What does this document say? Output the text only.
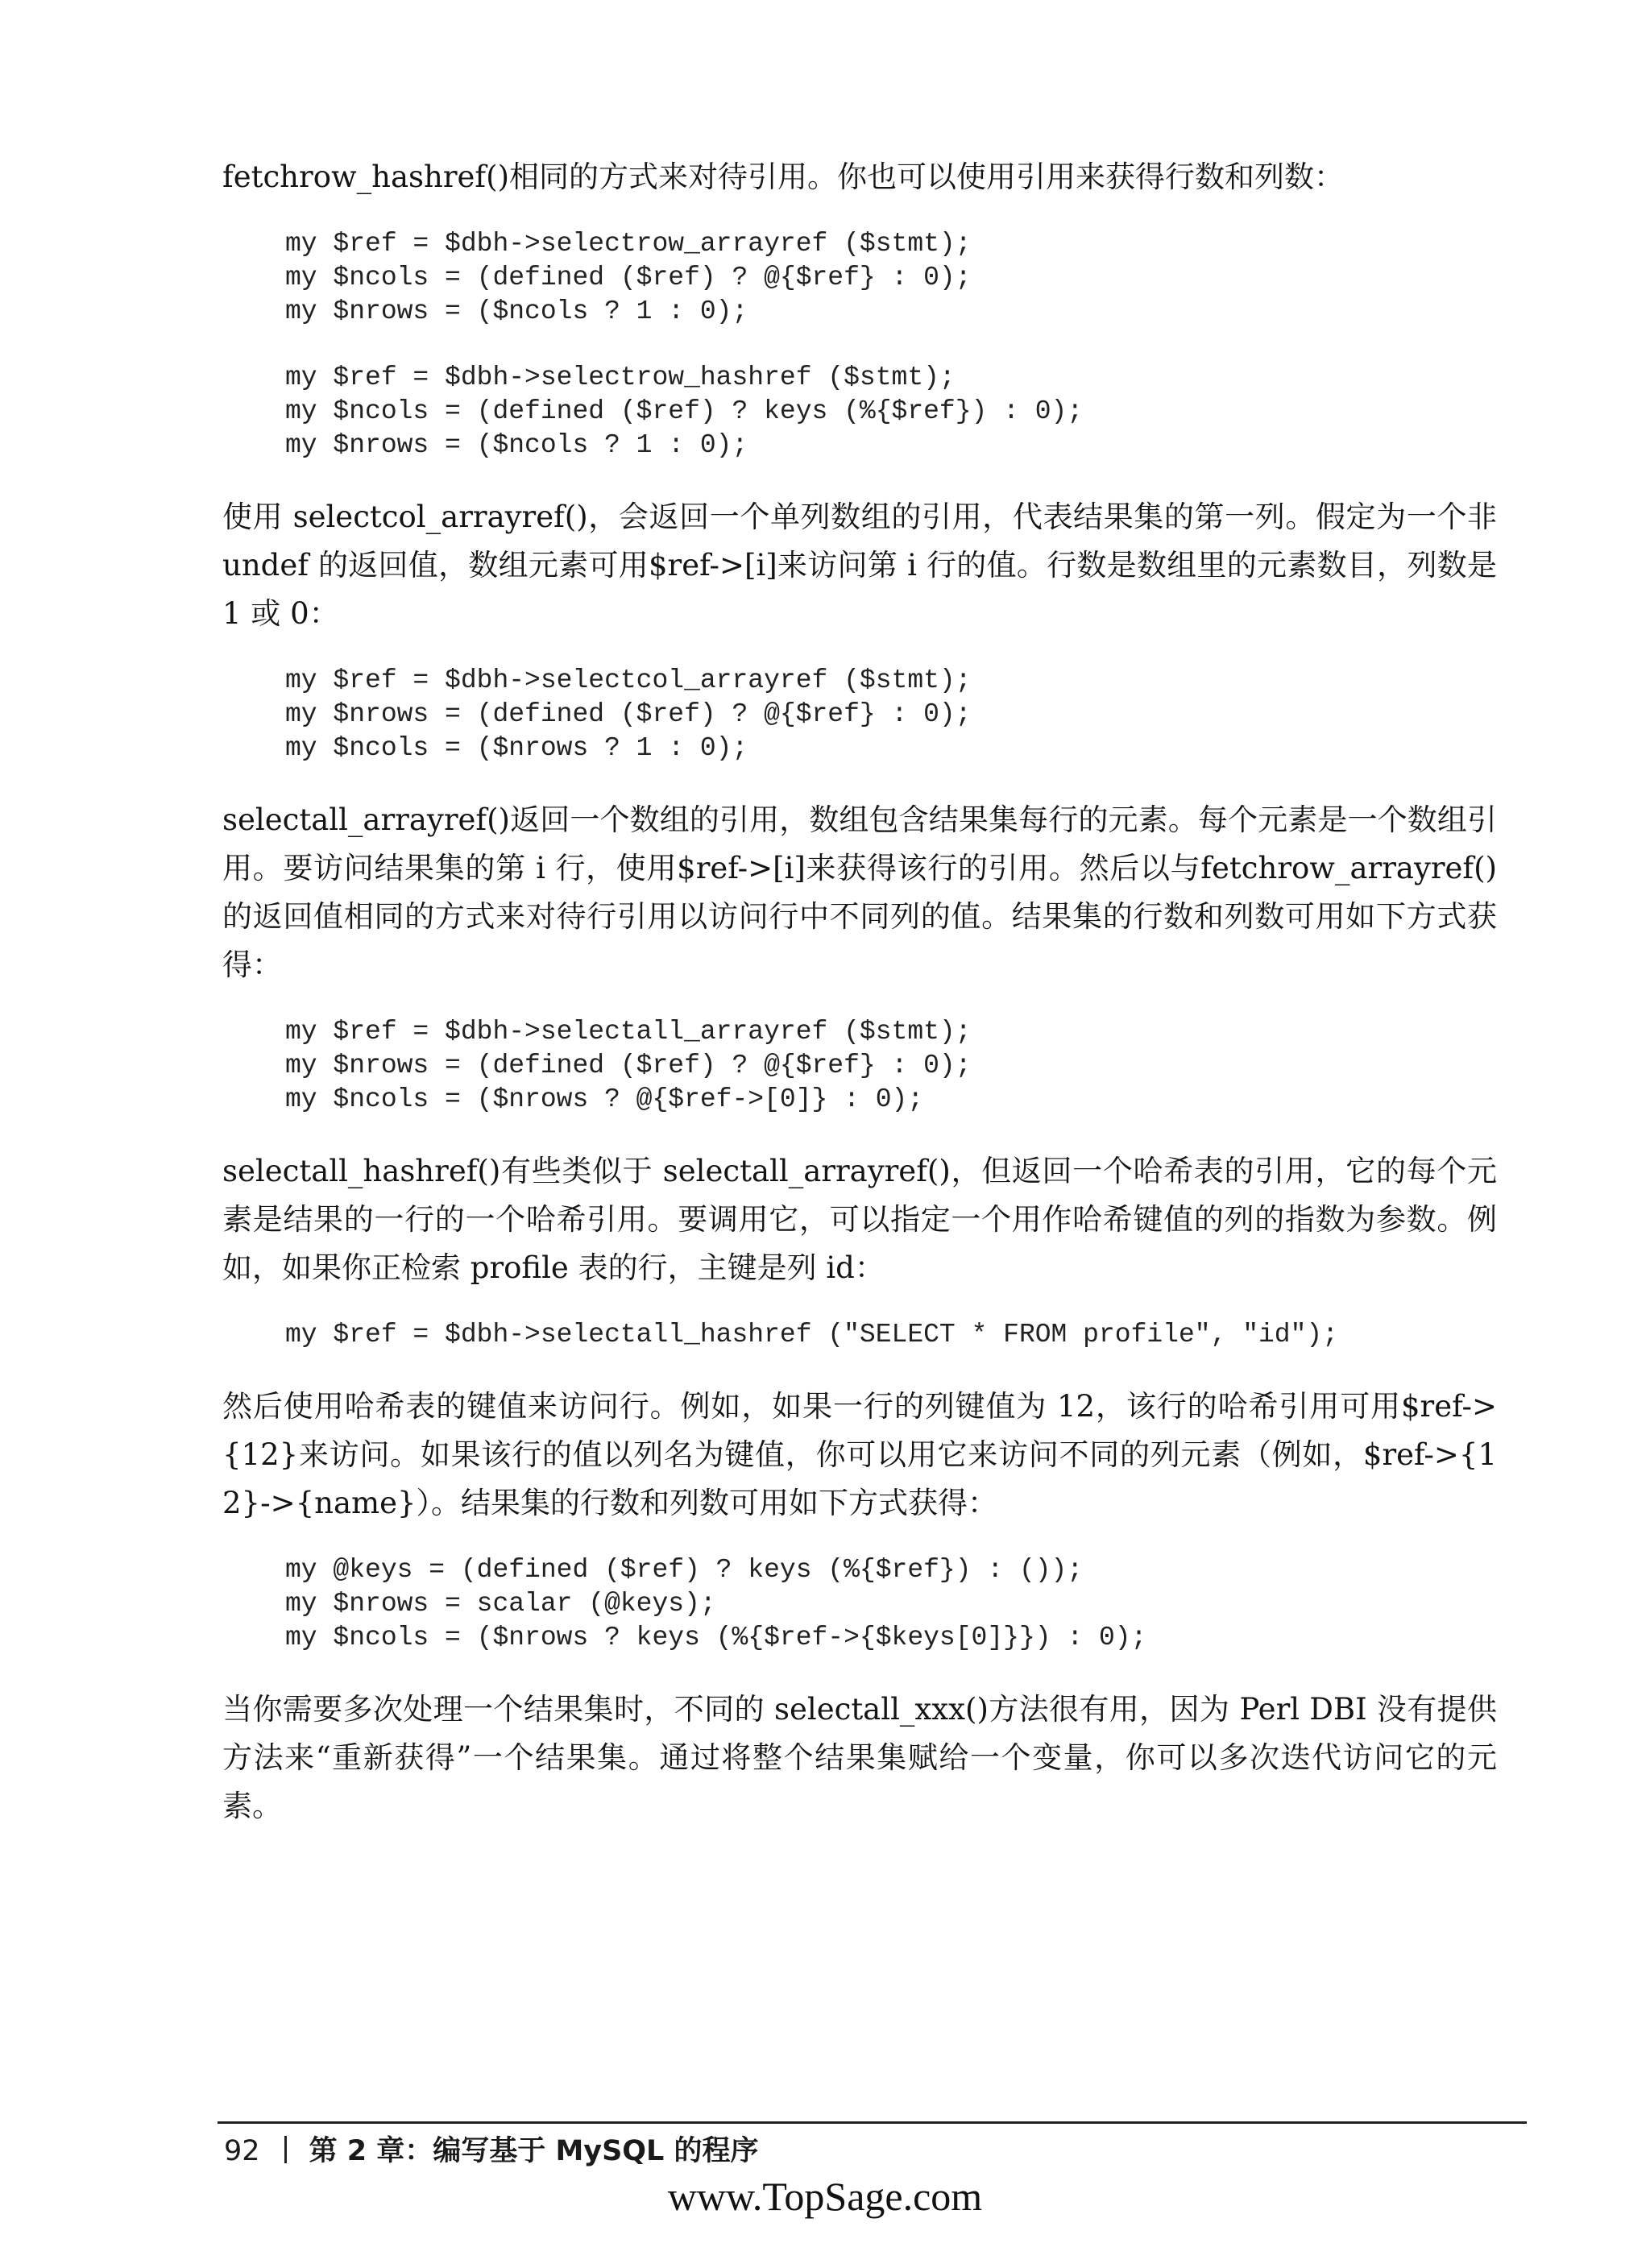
fetchrow_hashref()相同的方式来对待引用。你也可以使用引用来获得行数和列数：

my $ref = $dbh->selectrow_arrayref ($stmt);
my $ncols = (defined ($ref) ? @{$ref} : 0);
my $nrows = ($ncols ? 1 : 0);
my $ref = $dbh->selectrow_hashref ($stmt);
my $ncols = (defined ($ref) ? keys (%{$ref}) : 0);
my $nrows = ($ncols ? 1 : 0);

使用 selectcol_arrayref()，会返回一个单列数组的引用，代表结果集的第一列。假定为一个非 undef 的返回值，数组元素可用$ref->[i]来访问第 i 行的值。行数是数组里的元素数目，列数是 1 或 0：

my $ref = $dbh->selectcol_arrayref ($stmt);
my $nrows = (defined ($ref) ? @{$ref} : 0);
my $ncols = ($nrows ? 1 : 0);

selectall_arrayref()返回一个数组的引用，数组包含结果集每行的元素。每个元素是一个数组引用。要访问结果集的第 i 行，使用$ref->[i]来获得该行的引用。然后以与fetchrow_arrayref()的返回值相同的方式来对待行引用以访问行中不同列的值。结果集的行数和列数可用如下方式获得：

my $ref = $dbh->selectall_arrayref ($stmt);
my $nrows = (defined ($ref) ? @{$ref} : 0);
my $ncols = ($nrows ? @{$ref->[0]} : 0);

selectall_hashref()有些类似于 selectall_arrayref()，但返回一个哈希表的引用，它的每个元素是结果的一行的一个哈希引用。要调用它，可以指定一个用作哈希键值的列的指数为参数。例如，如果你正检索 profile 表的行，主键是列 id：

my $ref = $dbh->selectall_hashref ("SELECT * FROM profile", "id");

然后使用哈希表的键值来访问行。例如，如果一行的列键值为 12，该行的哈希引用可用$ref->{12}来访问。如果该行的值以列名为键值，你可以用它来访问不同的列元素（例如，$ref->{12}->{name}）。结果集的行数和列数可用如下方式获得：

my @keys = (defined ($ref) ? keys (%{$ref}) : ());
my $nrows = scalar (@keys);
my $ncols = ($nrows ? keys (%{$ref->{$keys[0]}}) : 0);

当你需要多次处理一个结果集时，不同的 selectall_xxx()方法很有用，因为 Perl DBI 没有提供方法来“重新获得”一个结果集。通过将整个结果集赋给一个变量，你可以多次迭代访问它的元素。

92 第 2 章：编写基于 MySQL 的程序
www.TopSage.com
